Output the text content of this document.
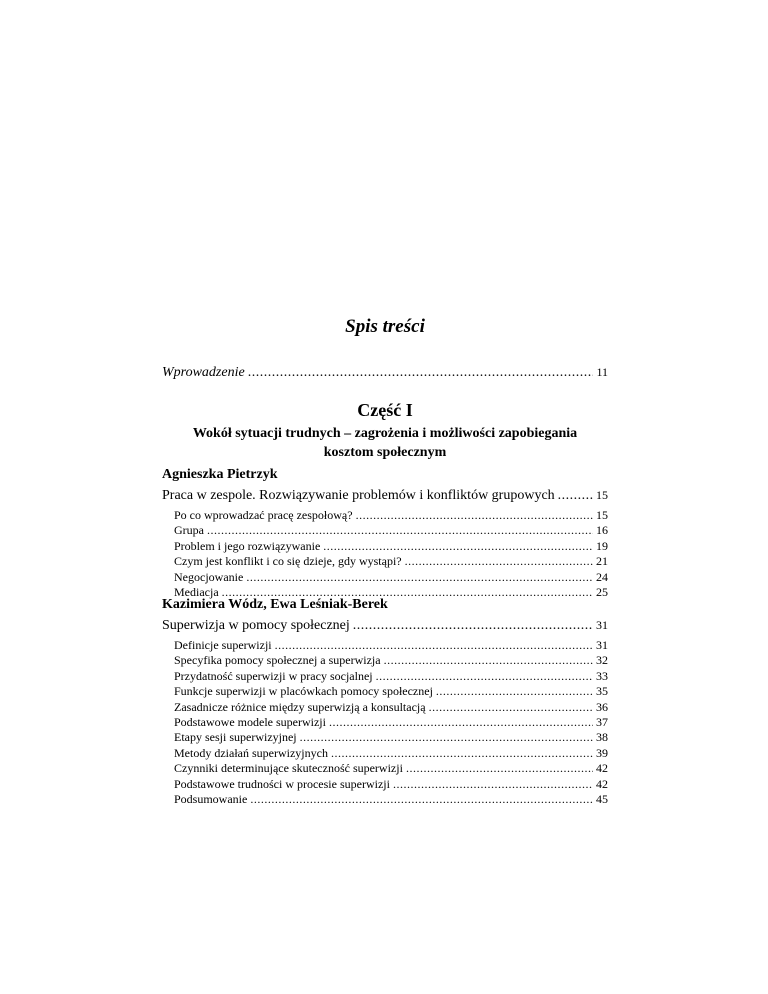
Spis treści
Wprowadzenie .....	11
Część I
Wokół sytuacji trudnych – zagrożenia i możliwości zapobiegania
kosztom społecznym
Agnieszka Pietrzyk
Praca w zespole. Rozwiązywanie problemów i konfliktów grupowych .....	15
Po co wprowadzać pracę zespołową? .....	15
Grupa .....	16
Problem i jego rozwiązywanie .....	19
Czym jest konflikt i co się dzieje, gdy wystąpi? .....	21
Negocjowanie .....	24
Mediacja .....	25
Kazimiera Wódz, Ewa Leśniak-Berek
Superwizja w pomocy społecznej .....	31
Definicje superwizji .....	31
Specyfika pomocy społecznej a superwizja .....	32
Przydatność superwizji w pracy socjalnej .....	33
Funkcje superwizji w placówkach pomocy społecznej .....	35
Zasadnicze różnice między superwizją a konsultacją .....	36
Podstawowe modele superwizji .....	37
Etapy sesji superwizyjnej .....	38
Metody działań superwizyjnych .....	39
Czynniki determinujące skuteczność superwizji .....	42
Podstawowe trudności w procesie superwizji .....	42
Podsumowanie .....	45
